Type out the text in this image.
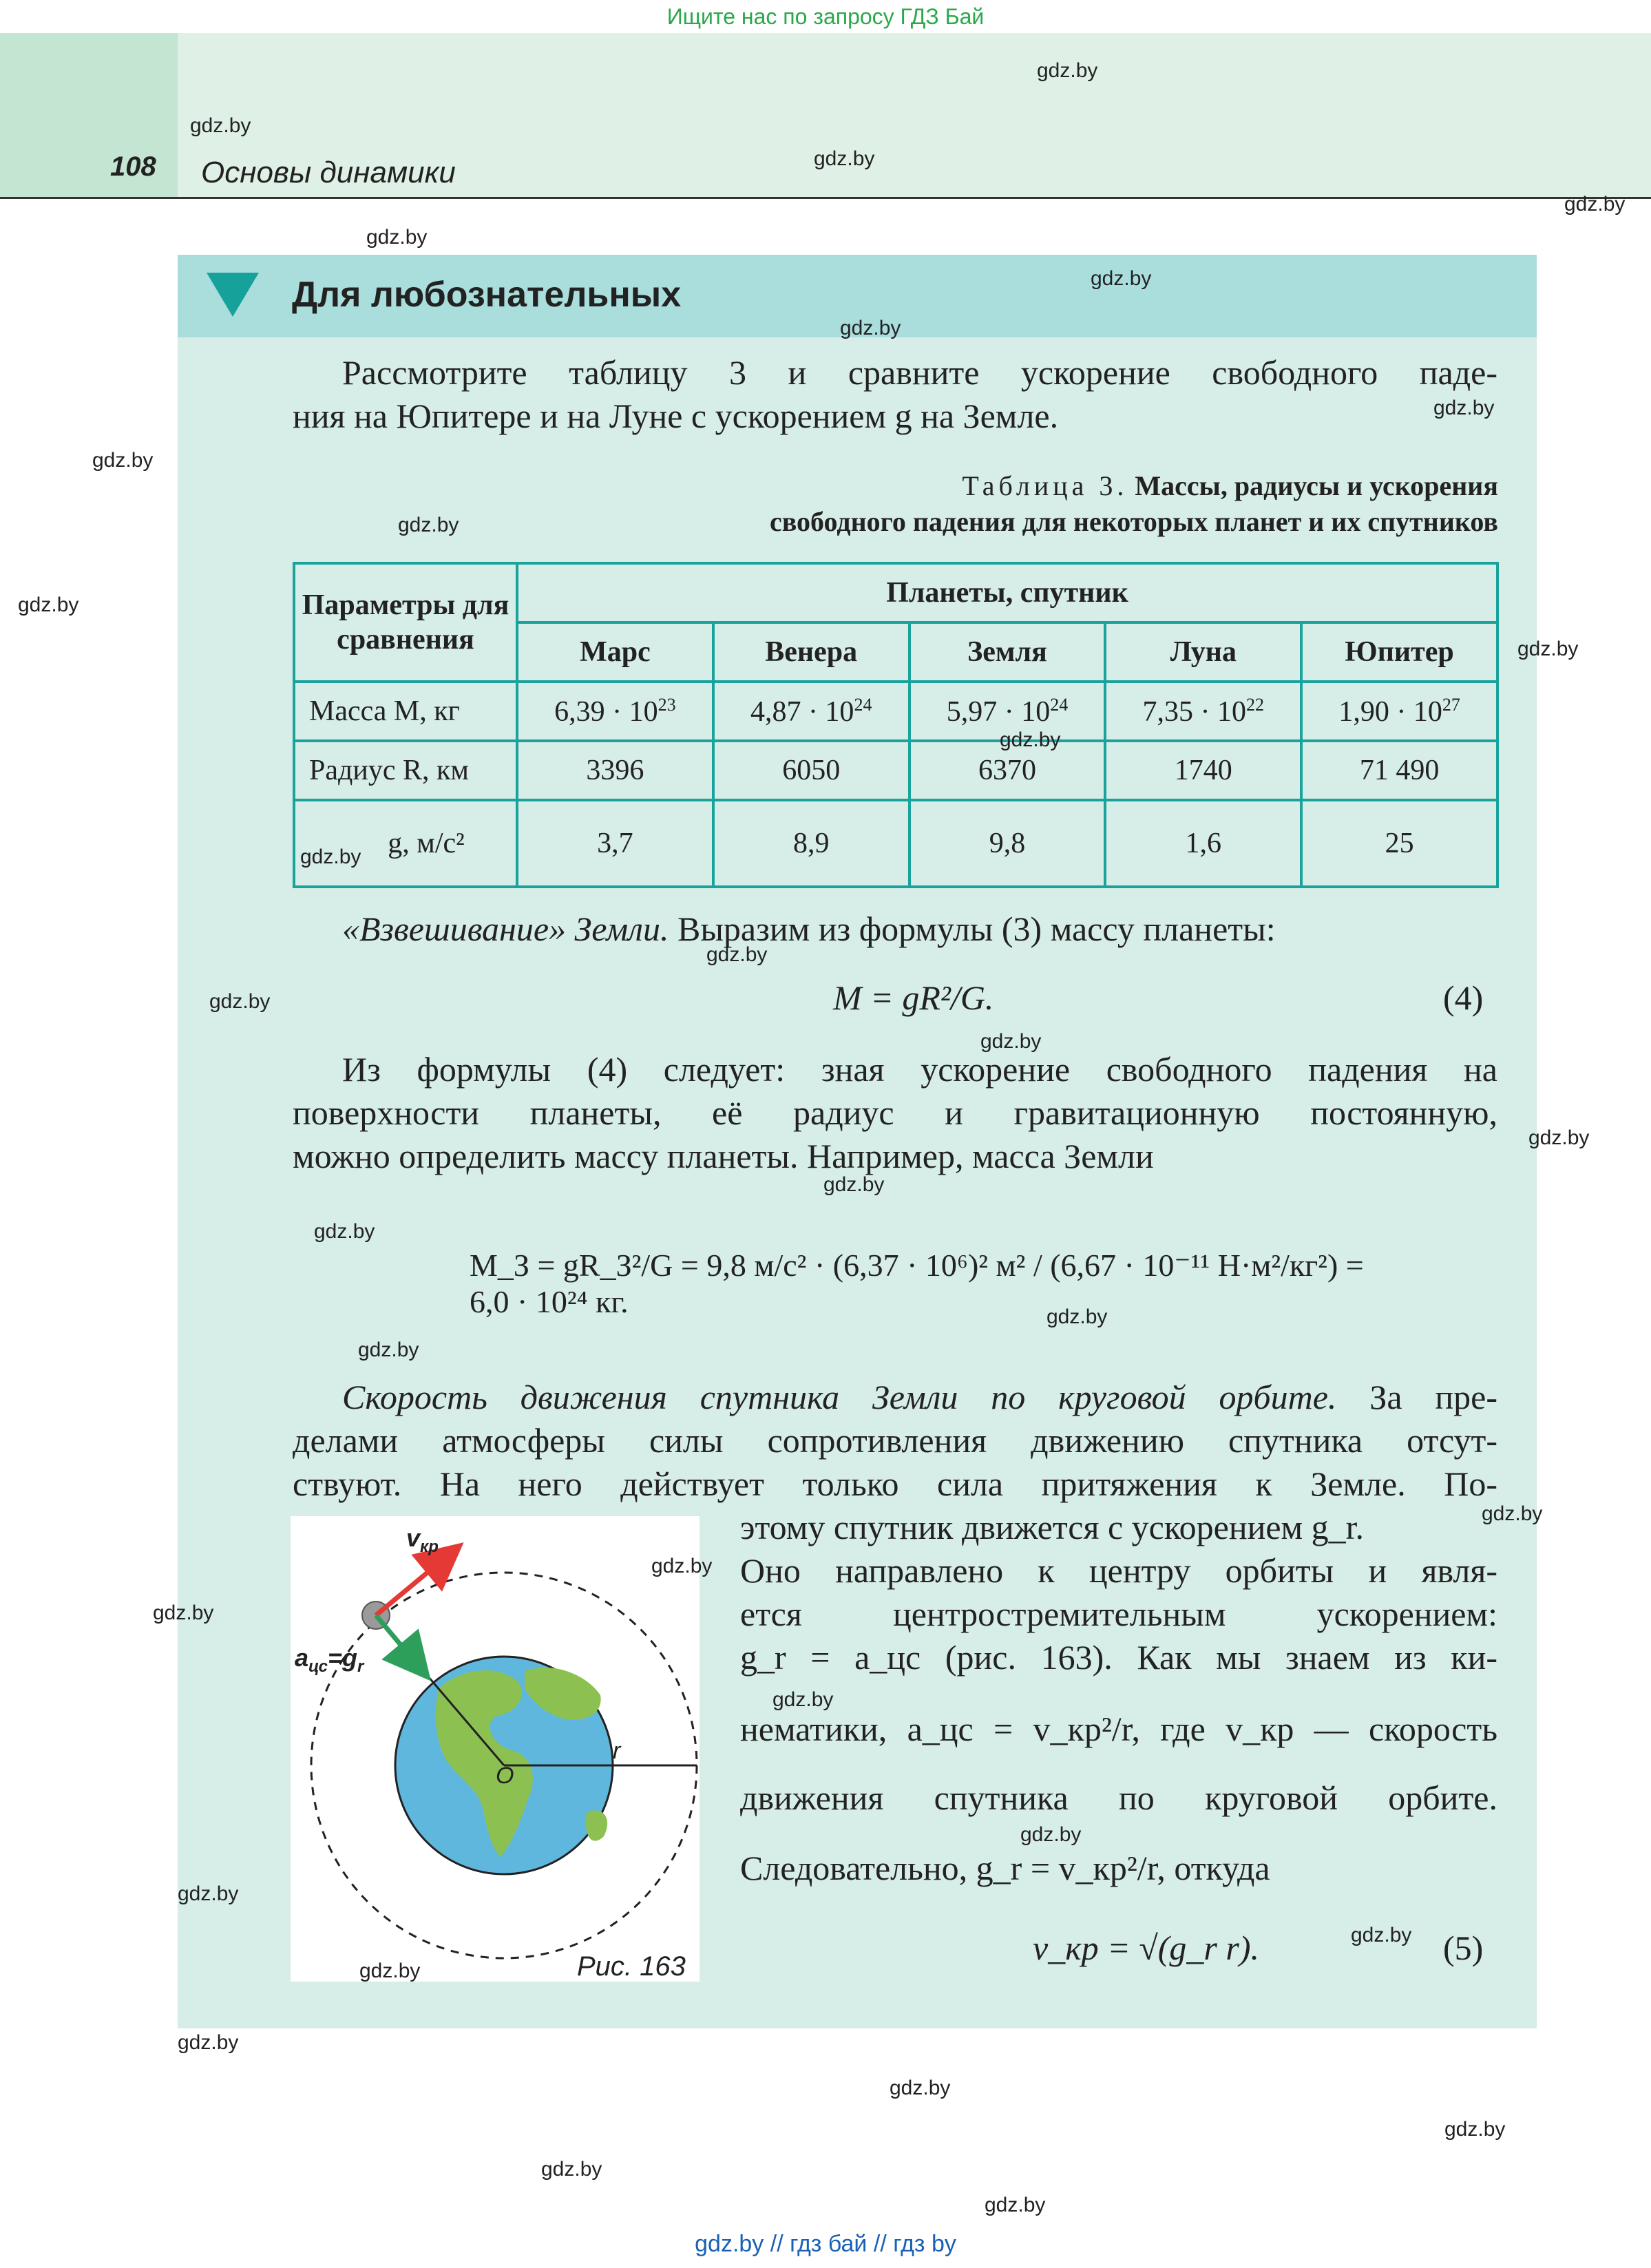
Ищите нас по запросу ГДЗ Бай
108 Основы динамики
Для любознательных
Рассмотрите таблицу 3 и сравните ускорение свободного паде-
ния на Юпитере и на Луне с ускорением g на Земле.
Таблица 3. Массы, радиусы и ускорения
свободного падения для некоторых планет и их спутников
Параметры для сравнения	Планеты, спутник				
	Марс	Венера	Земля	Луна	Юпитер
Масса M, кг	$6,39 \cdot 10^{23}$	$4,87 \cdot 10^{24}$	$5,97 \cdot 10^{24}$	$7,35 \cdot 10^{22}$	$1,90 \cdot 10^{27}$
Радиус R, км	3396	6050	6370	1740	71 490
g, м/с²	3,7	8,9	9,8	1,6	25
«Взвешивание» Земли. Выразим из формулы (3) массу планеты:
M = gR²/G.	(4)
Из формулы (4) следует: зная ускорение свободного падения на
поверхности планеты, её радиус и гравитационную постоянную,
можно определить массу планеты. Например, масса Земли
M_З = gR_З²/G = 9,8 м/с² · (6,37 · 10⁶)² м² / (6,67 · 10⁻¹¹ Н·м²/кг²) = 6,0 · 10²⁴ кг.
Скорость движения спутника Земли по круговой орбите. За пре-
делами атмосферы силы сопротивления движению спутника отсут-
ствуют. На него действует только сила притяжения к Земле. По-
этому спутник движется с ускорением g_r.
Оно направлено к центру орбиты и явля-
ется центростремительным ускорением:
g_r = a_цс (рис. 163). Как мы знаем из ки-
нематики, a_цс = v_кр²/r, где v_кр — скорость
движения спутника по круговой орбите.
Следовательно, g_r = v_кр²/r, откуда
v_кр = √(g_r r).	(5)
$v_{кр}$
$a_{цс}=g_r$
O
r
Рис. 163
gdz.by
gdz.by
gdz.by
gdz.by
gdz.by
gdz.by
gdz.by
gdz.by
gdz.by
gdz.by
gdz.by
gdz.by
gdz.by
gdz.by
gdz.by
gdz.by
gdz.by
gdz.by
gdz.by
gdz.by
gdz.by
gdz.by
gdz.by
gdz.by
gdz.by
gdz.by
gdz.by
gdz.by
gdz.by
gdz.by
gdz.by
gdz.by
gdz.by
gdz.by
gdz.by
gdz.by // гдз бай // гдз by
